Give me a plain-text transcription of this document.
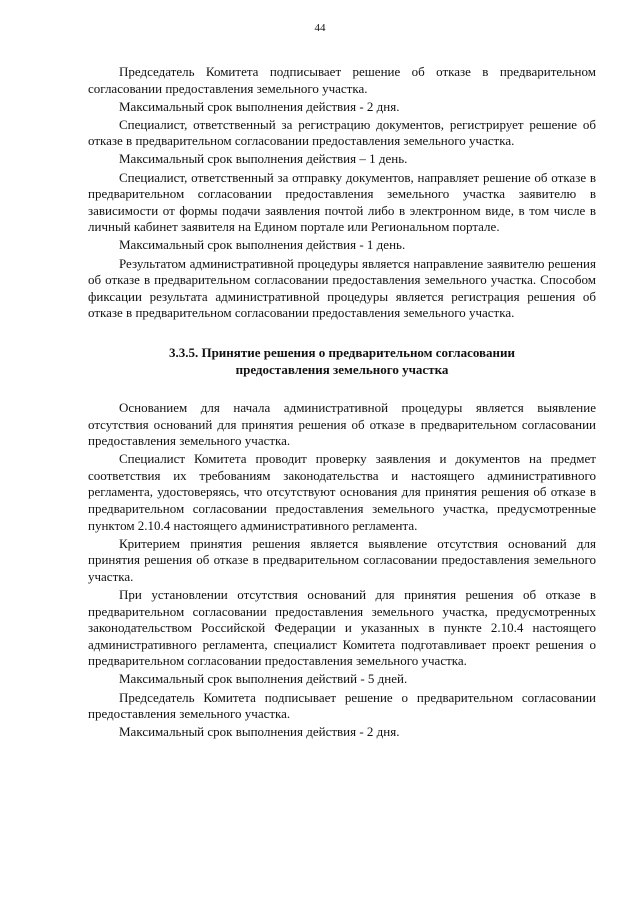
44

Председатель Комитета подписывает решение об отказе в предварительном согласовании предоставления земельного участка.

Максимальный срок выполнения действия - 2 дня.

Специалист, ответственный за регистрацию документов, регистрирует решение об отказе в предварительном согласовании предоставления земельного участка.

Максимальный срок выполнения действия – 1 день.

Специалист, ответственный за отправку документов, направляет решение об отказе в предварительном согласовании предоставления земельного участка заявителю в зависимости от формы подачи заявления почтой либо в электронном виде, в том числе в личный кабинет заявителя на Едином портале или Региональном портале.

Максимальный срок выполнения действия - 1 день.

Результатом административной процедуры является направление заявителю решения об отказе в предварительном согласовании предоставления земельного участка. Способом фиксации результата административной процедуры является регистрация решения об отказе в предварительном согласовании предоставления земельного участка.

3.3.5. Принятие решения о предварительном согласовании
предоставления земельного участка

Основанием для начала административной процедуры является выявление отсутствия оснований для принятия решения об отказе в предварительном согласовании предоставления земельного участка.

Специалист Комитета проводит проверку заявления и документов на предмет соответствия их требованиям законодательства и настоящего административного регламента, удостоверяясь, что отсутствуют основания для принятия решения об отказе в предварительном согласовании предоставления земельного участка, предусмотренные пунктом 2.10.4 настоящего административного регламента.

Критерием принятия решения является выявление отсутствия оснований для принятия решения об отказе в предварительном согласовании предоставления земельного участка.

При установлении отсутствия оснований для принятия решения об отказе в предварительном согласовании предоставления земельного участка, предусмотренных законодательством Российской Федерации и указанных в пункте 2.10.4 настоящего административного регламента, специалист Комитета подготавливает проект решения о предварительном согласовании предоставления земельного участка.

Максимальный срок выполнения действий - 5 дней.

Председатель Комитета подписывает решение о предварительном согласовании предоставления земельного участка.

Максимальный срок выполнения действия - 2 дня.
